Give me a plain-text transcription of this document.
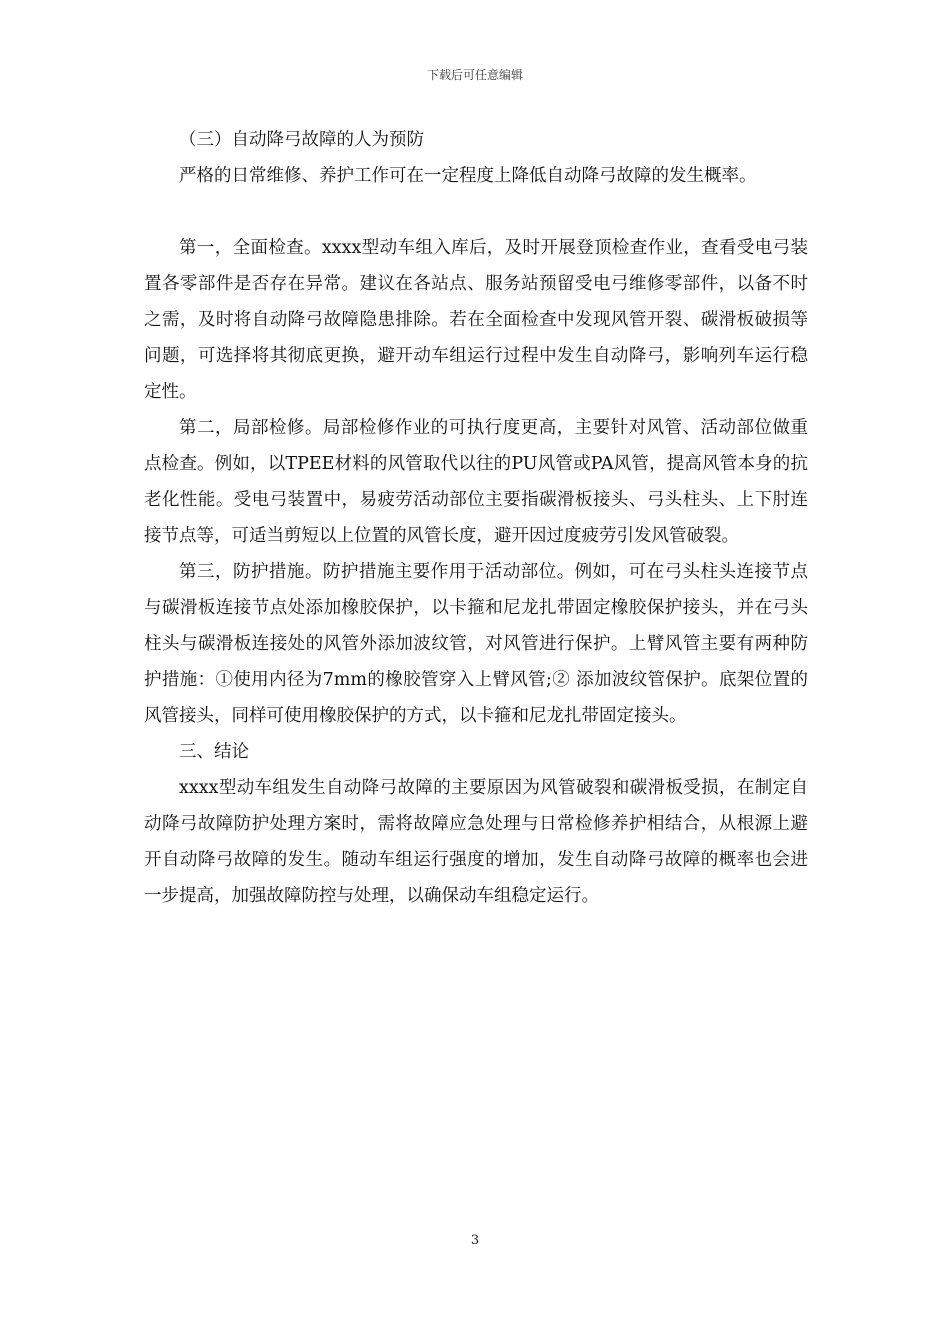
下载后可任意编辑

（三）自动降弓故障的人为预防

严格的日常维修、养护工作可在一定程度上降低自动降弓故障的发生概率。

第一，全面检查。xxxx型动车组入库后，及时开展登顶检查作业，查看受电弓装置各零部件是否存在异常。建议在各站点、服务站预留受电弓维修零部件，以备不时之需，及时将自动降弓故障隐患排除。若在全面检查中发现风管开裂、碳滑板破损等问题，可选择将其彻底更换，避开动车组运行过程中发生自动降弓，影响列车运行稳定性。

第二，局部检修。局部检修作业的可执行度更高，主要针对风管、活动部位做重点检查。例如，以TPEE材料的风管取代以往的PU风管或PA风管，提高风管本身的抗老化性能。受电弓装置中，易疲劳活动部位主要指碳滑板接头、弓头柱头、上下肘连接节点等，可适当剪短以上位置的风管长度，避开因过度疲劳引发风管破裂。

第三，防护措施。防护措施主要作用于活动部位。例如，可在弓头柱头连接节点与碳滑板连接节点处添加橡胶保护，以卡箍和尼龙扎带固定橡胶保护接头，并在弓头柱头与碳滑板连接处的风管外添加波纹管，对风管进行保护。上臂风管主要有两种防护措施：①使用内径为7mm的橡胶管穿入上臂风管;② 添加波纹管保护。底架位置的风管接头，同样可使用橡胶保护的方式，以卡箍和尼龙扎带固定接头。

三、结论

xxxx型动车组发生自动降弓故障的主要原因为风管破裂和碳滑板受损，在制定自动降弓故障防护处理方案时，需将故障应急处理与日常检修养护相结合，从根源上避开自动降弓故障的发生。随动车组运行强度的增加，发生自动降弓故障的概率也会进一步提高，加强故障防控与处理，以确保动车组稳定运行。

3
